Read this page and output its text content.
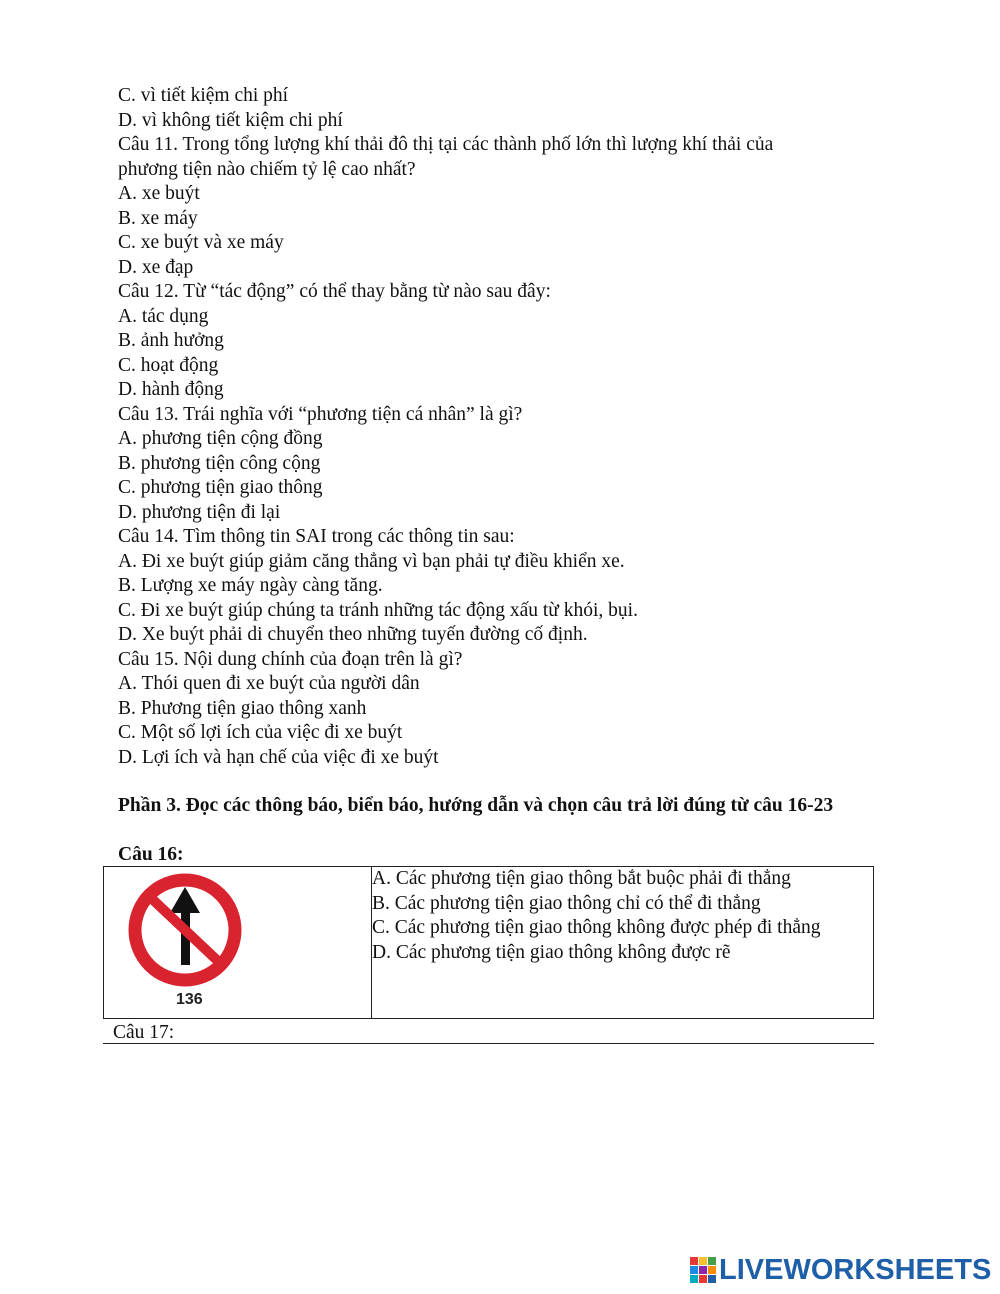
C. vì tiết kiệm chi phí
D. vì không tiết kiệm chi phí
Câu 11. Trong tổng lượng khí thải đô thị tại các thành phố lớn thì lượng khí thải của
phương tiện nào chiếm tỷ lệ cao nhất?
A. xe buýt
B. xe máy
C. xe buýt và xe máy
D. xe đạp
Câu 12. Từ “tác động” có thể thay bằng từ nào sau đây:
A. tác dụng
B. ảnh hưởng
C. hoạt động
D. hành động
Câu 13. Trái nghĩa với “phương tiện cá nhân” là gì?
A. phương tiện cộng đồng
B. phương tiện công cộng
C. phương tiện giao thông
D. phương tiện đi lại
Câu 14. Tìm thông tin SAI trong các thông tin sau:
A. Đi xe buýt giúp giảm căng thẳng vì bạn phải tự điều khiển xe.
B. Lượng xe máy ngày càng tăng.
C. Đi xe buýt giúp chúng ta tránh những tác động xấu từ khói, bụi.
D. Xe buýt phải di chuyển theo những tuyến đường cố định.
Câu 15. Nội dung chính của đoạn trên là gì?
A. Thói quen đi xe buýt của người dân
B. Phương tiện giao thông xanh
C. Một số lợi ích của việc đi xe buýt
D. Lợi ích và hạn chế của việc đi xe buýt
Phần 3. Đọc các thông báo, biển báo, hướng dẫn và chọn câu trả lời đúng từ câu 16-23
Câu 16:
136

A. Các phương tiện giao thông bắt buộc phải đi thẳng
B. Các phương tiện giao thông chỉ có thể đi thẳng
C. Các phương tiện giao thông không được phép đi thẳng
D. Các phương tiện giao thông không được rẽ
Câu 17:
LIVEWORKSHEETS
